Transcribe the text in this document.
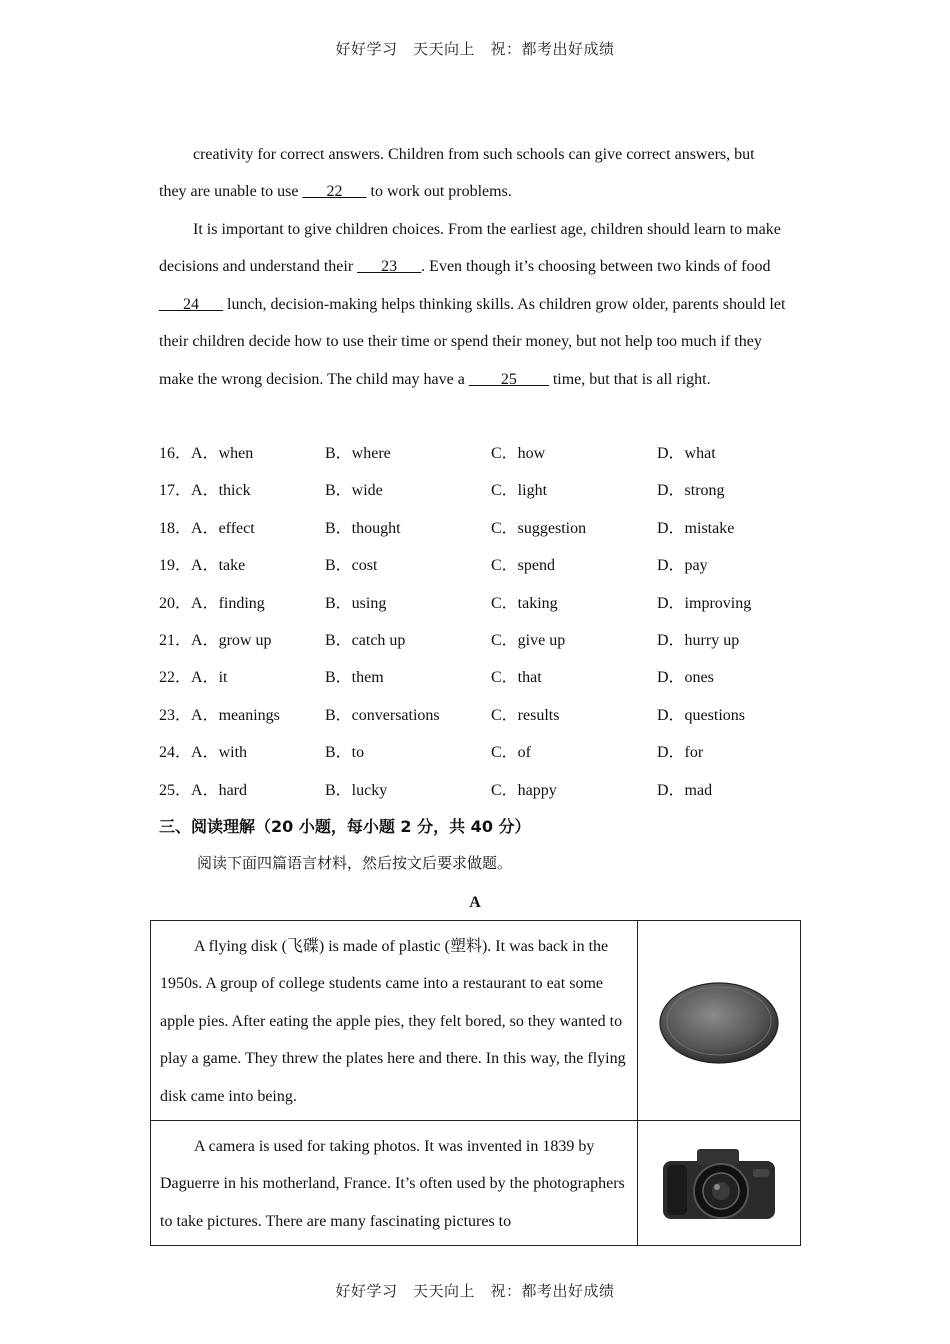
好好学习　天天向上　祝：都考出好成绩
creativity for correct answers. Children from such schools can give correct answers, but
they are unable to use ___22___ to work out problems.
It is important to give children choices. From the earliest age, children should learn to make decisions and understand their ___23___. Even though it’s choosing between two kinds of food ___24___ lunch, decision-making helps thinking skills. As children grow older, parents should let their children decide how to use their time or spend their money, but not help too much if they make the wrong decision. The child may have a ____25____ time, but that is all right.
16．A．when	B．where	C．how	D．what
17．A．thick	B．wide	C．light	D．strong
18．A．effect	B．thought	C．suggestion	D．mistake
19．A．take	B．cost	C．spend	D．pay
20．A．finding	B．using	C．taking	D．improving
21．A．grow up	B．catch up	C．give up	D．hurry up
22．A．it	B．them	C．that	D．ones
23．A．meanings	B．conversations	C．results	D．questions
24．A．with	B．to	C．of	D．for
25．A．hard	B．lucky	C．happy	D．mad
三、阅读理解（20 小题，每小题 2 分，共 40 分）
阅读下面四篇语言材料，然后按文后要求做题。
A
A flying disk (飞碟) is made of plastic (塑料). It was back in the 1950s. A group of college students came into a restaurant to eat some apple pies. After eating the apple pies, they felt bored, so they wanted to play a game. They threw the plates here and there. In this way, the flying disk came into being.

A camera is used for taking photos. It was invented in 1839 by Daguerre in his motherland, France. It’s often used by the photographers to take pictures. There are many fascinating pictures to

好好学习　天天向上　祝：都考出好成绩
